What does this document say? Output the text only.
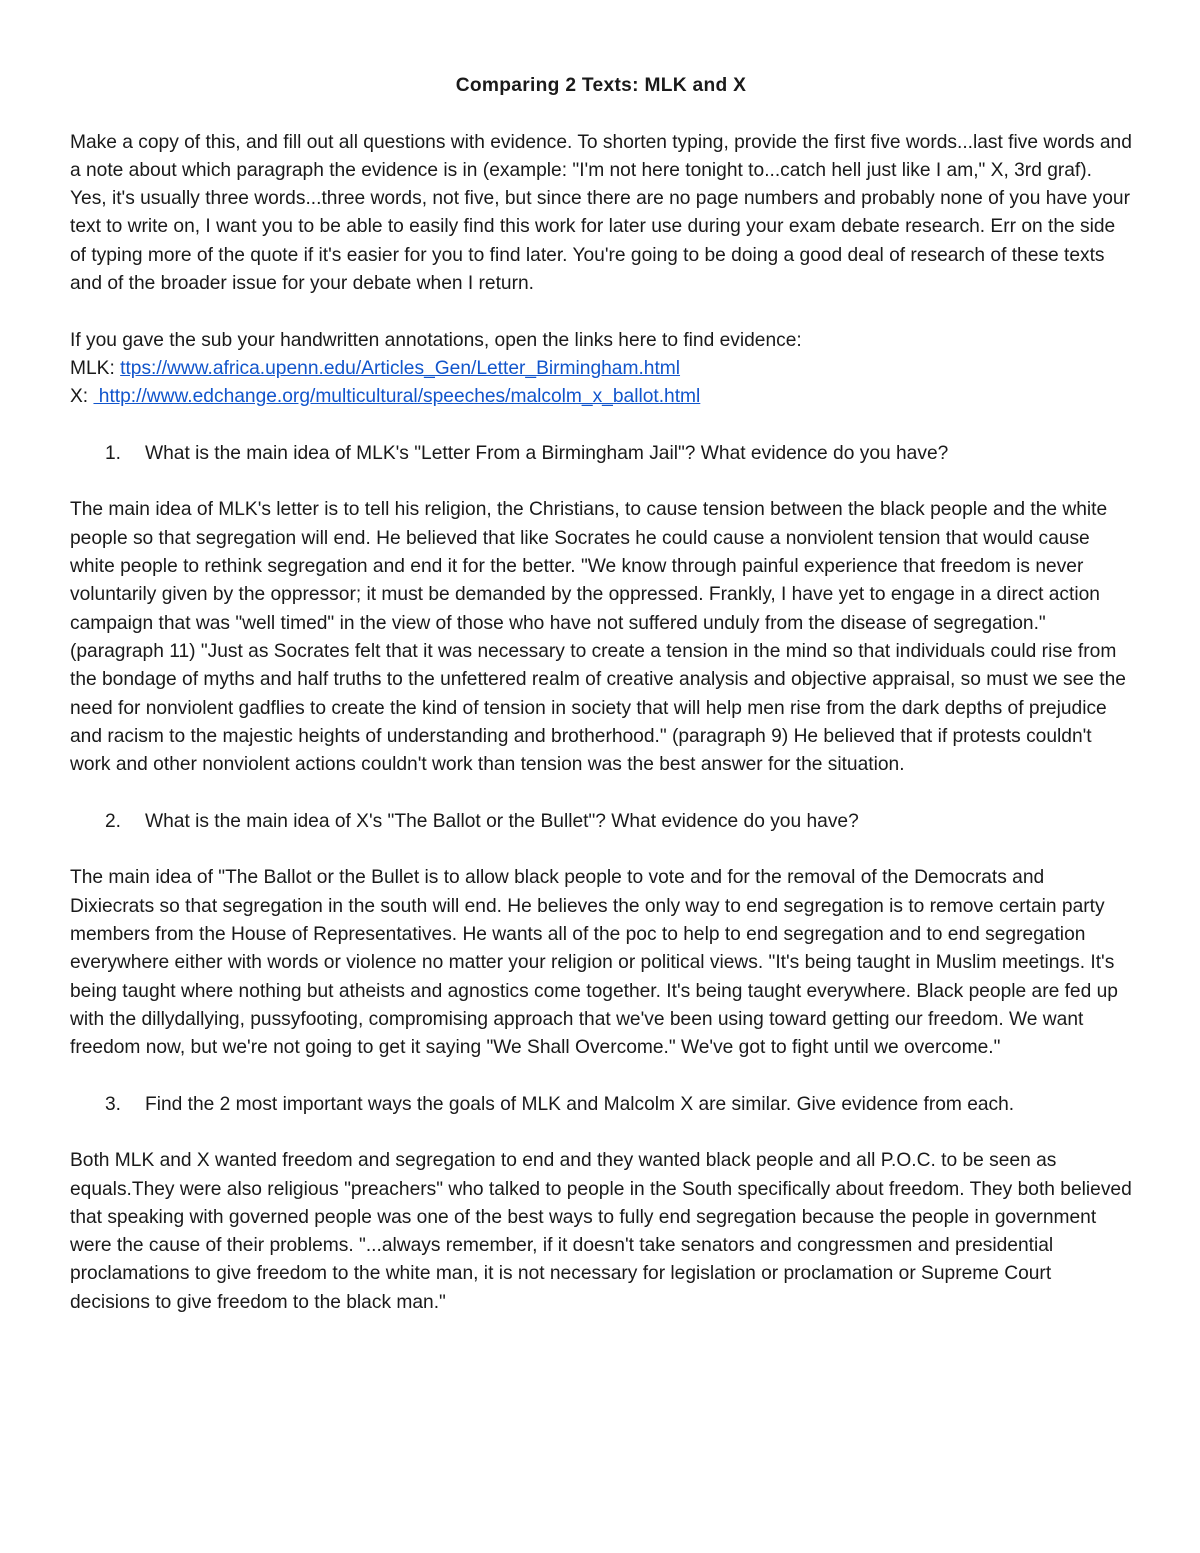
Comparing 2 Texts: MLK and X

Make a copy of this, and fill out all questions with evidence. To shorten typing, provide the first five words...last five words and a note about which paragraph the evidence is in (example: "I'm not here tonight to...catch hell just like I am," X, 3rd graf). Yes, it's usually three words...three words, not five, but since there are no page numbers and probably none of you have your text to write on, I want you to be able to easily find this work for later use during your exam debate research. Err on the side of typing more of the quote if it's easier for you to find later. You're going to be doing a good deal of research of these texts and of the broader issue for your debate when I return.

If you gave the sub your handwritten annotations, open the links here to find evidence:
MLK: ttps://www.africa.upenn.edu/Articles_Gen/Letter_Birmingham.html
X:  http://www.edchange.org/multicultural/speeches/malcolm_x_ballot.html
1.	What is the main idea of MLK's "Letter From a Birmingham Jail"? What evidence do you have?

The main idea of MLK's letter is to tell his religion, the Christians, to cause tension between the black people and the white people so that segregation will end. He believed that like Socrates he could cause a nonviolent tension that would cause white people to rethink segregation and end it for the better. "We know through painful experience that freedom is never voluntarily given by the oppressor; it must be demanded by the oppressed. Frankly, I have yet to engage in a direct action campaign that was "well timed" in the view of those who have not suffered unduly from the disease of segregation." (paragraph 11) "Just as Socrates felt that it was necessary to create a tension in the mind so that individuals could rise from the bondage of myths and half truths to the unfettered realm of creative analysis and objective appraisal, so must we see the need for nonviolent gadflies to create the kind of tension in society that will help men rise from the dark depths of prejudice and racism to the majestic heights of understanding and brotherhood." (paragraph 9) He believed that if protests couldn't work and other nonviolent actions couldn't work than tension was the best answer for the situation.

2.	What is the main idea of X's "The Ballot or the Bullet"? What evidence do you have?

The main idea of "The Ballot or the Bullet is to allow black people to vote and for the removal of the Democrats and Dixiecrats so that segregation in the south will end. He believes the only way to end segregation is to remove certain party members from the House of Representatives. He wants all of the poc to help to end segregation and to end segregation everywhere either with words or violence no matter your religion or political views. "It's being taught in Muslim meetings. It's being taught where nothing but atheists and agnostics come together. It's being taught everywhere. Black people are fed up with the dillydallying, pussyfooting, compromising approach that we've been using toward getting our freedom. We want freedom now, but we're not going to get it saying "We Shall Overcome." We've got to fight until we overcome."

3.	Find the 2 most important ways the goals of MLK and Malcolm X are similar. Give evidence from each.

Both MLK and X wanted freedom and segregation to end and they wanted black people and all P.O.C. to be seen as equals.They were also religious "preachers" who talked to people in the South specifically about freedom. They both believed that speaking with governed people was one of the best ways to fully end segregation because the people in government were the cause of their problems. "...always remember, if it doesn't take senators and congressmen and presidential proclamations to give freedom to the white man, it is not necessary for legislation or proclamation or Supreme Court decisions to give freedom to the black man."
